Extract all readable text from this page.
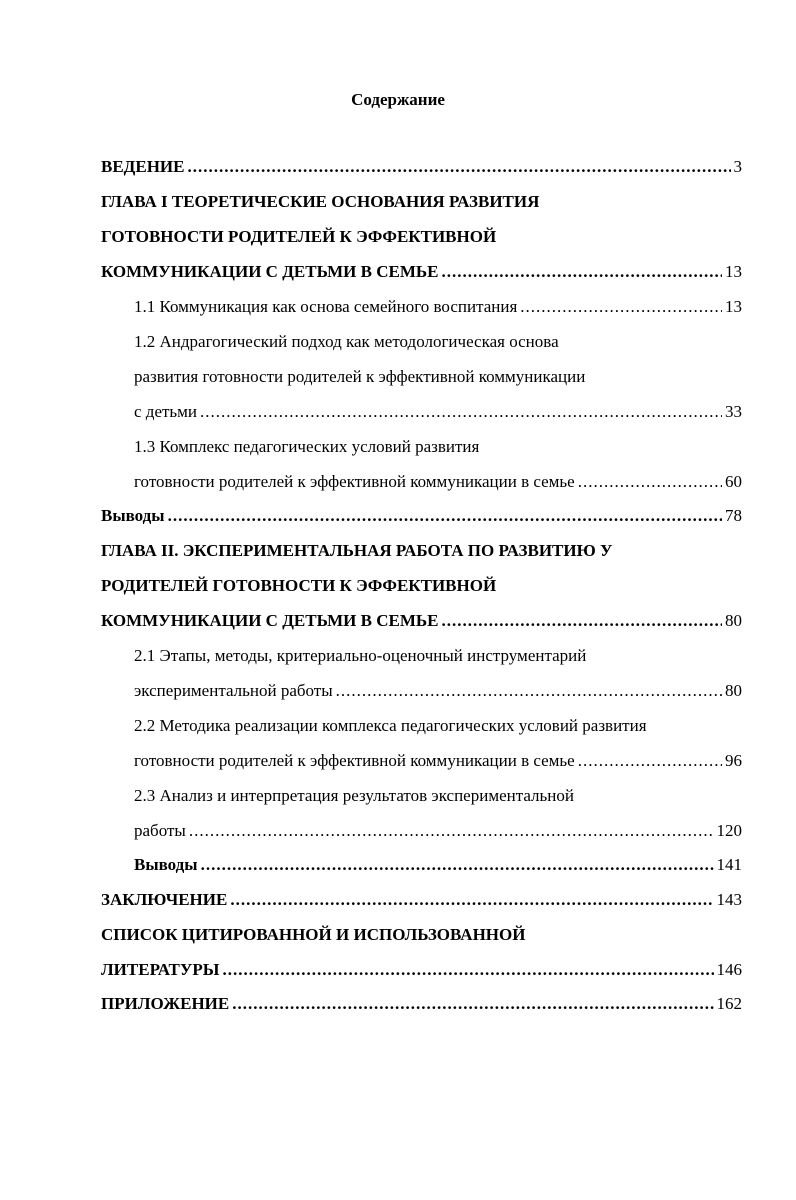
Содержание
ВЕДЕНИЕ .....	3
ГЛАВА I ТЕОРЕТИЧЕСКИЕ ОСНОВАНИЯ РАЗВИТИЯ
ГОТОВНОСТИ РОДИТЕЛЕЙ К ЭФФЕКТИВНОЙ
КОММУНИКАЦИИ С ДЕТЬМИ В СЕМЬЕ .....	13
1.1 Коммуникация как основа семейного воспитания .....	13
1.2 Андрагогический подход как методологическая основа
развития готовности родителей к эффективной коммуникации
с детьми .....	33
1.3 Комплекс педагогических условий развития
готовности родителей к эффективной коммуникации в семье .....	60
Выводы .....	78
ГЛАВА II. ЭКСПЕРИМЕНТАЛЬНАЯ РАБОТА ПО РАЗВИТИЮ У
РОДИТЕЛЕЙ ГОТОВНОСТИ К ЭФФЕКТИВНОЙ
КОММУНИКАЦИИ С ДЕТЬМИ В СЕМЬЕ .....	80
2.1 Этапы, методы, критериально-оценочный инструментарий
экспериментальной работы .....	80
2.2 Методика реализации комплекса педагогических условий развития
готовности родителей к эффективной коммуникации в семье .....	96
2.3 Анализ и интерпретация результатов экспериментальной
работы .....	120
Выводы .....	141
ЗАКЛЮЧЕНИЕ .....	143
СПИСОК ЦИТИРОВАННОЙ И ИСПОЛЬЗОВАННОЙ
ЛИТЕРАТУРЫ .....	146
ПРИЛОЖЕНИЕ .....	162
